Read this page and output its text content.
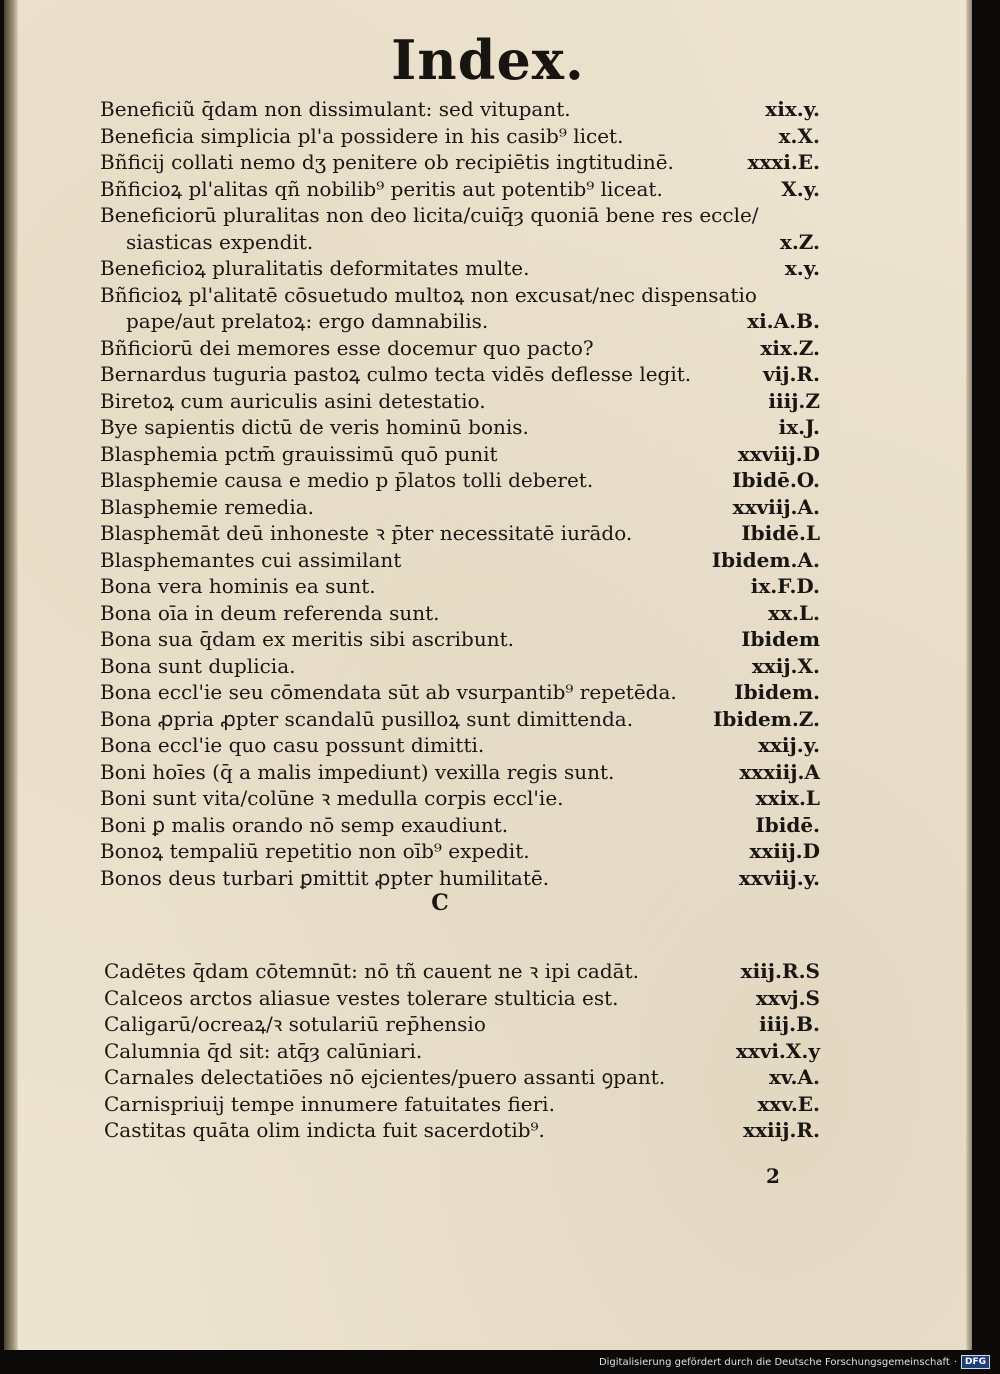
Index.
Beneficiũ q̄dam non dissimulant: sed vitupant.	xix.y.
Beneficia simplicia pl'a possidere in his casib⁹ licet.	x.X.
Bñficij collati nemo dʒ penitere ob recipiētis ingtitudinē.	xxxi.E.
Bñficioꝝ pl'alitas qñ nobilib⁹ peritis aut potentib⁹ liceat.	X.y.
Beneficiorū pluralitas non deo licita/cuiq̄ȝ quoniā bene res eccle/
siasticas expendit.	x.Z.
Beneficioꝝ pluralitatis deformitates multe.	x.y.
Bñficioꝝ pl'alitatē cōsuetudo multoꝝ non excusat/nec dispensatio
pape/aut prelatoꝝ: ergo damnabilis.	xi.A.B.
Bñficiorū dei memores esse docemur quo pacto?	xix.Z.
Bernardus tuguria pastoꝝ culmo tecta vidēs deflesse legit.	vij.R.
Biretoꝝ cum auriculis asini detestatio.	iiij.Z
Bye sapientis dictū de veris hominū bonis.	ix.J.
Blasphemia pctm̄ grauissimū quō punit	xxviij.D
Blasphemie causa e medio p p̄latos tolli deberet.	Ibidē.O.
Blasphemie remedia.	xxviij.A.
Blasphemāt deū inhoneste ꝛ p̄ter necessitatē iurādo.	Ibidē.L
Blasphemantes cui assimilant	Ibidem.A.
Bona vera hominis ea sunt.	ix.F.D.
Bona oīa in deum referenda sunt.	xx.L.
Bona sua q̄dam ex meritis sibi ascribunt.	Ibidem
Bona sunt duplicia.	xxij.X.
Bona eccl'ie seu cōmendata sūt ab vsurpantib⁹ repetēda.	Ibidem.
Bona ꝓpria ꝓpter scandalū pusilloꝝ sunt dimittenda.	Ibidem.Z.
Bona eccl'ie quo casu possunt dimitti.	xxij.y.
Boni hoīes (q̄ a malis impediunt) vexilla regis sunt.	xxxiij.A
Boni sunt vita/colūne ꝛ medulla corpis eccl'ie.	xxix.L
Boni ꝑ malis orando nō semp exaudiunt.	Ibidē.
Bonoꝝ tempaliū repetitio non oīb⁹ expedit.	xxiij.D
Bonos deus turbari ꝑmittit ꝓpter humilitatē.	xxviij.y.
C
Cadētes q̄dam cōtemnūt: nō tñ cauent ne ꝛ ipi cadāt.	xiij.R.S
Calceos arctos aliasue vestes tolerare stulticia est.	xxvj.S
Caligarū/ocreaꝝ/ꝛ sotulariū rep̄hensio	iiij.B.
Calumnia q̄d sit: atq̄ȝ calūniari.	xxvi.X.y
Carnales delectatiōes nō ejcientes/puero assanti ꝯpant.	xv.A.
Carnispriuij tempe innumere fatuitates fieri.	xxv.E.
Castitas quāta olim indicta fuit sacerdotib⁹.	xxiij.R.
2
Digitalisierung gefördert durch die Deutsche Forschungsgemeinschaft · DFG
